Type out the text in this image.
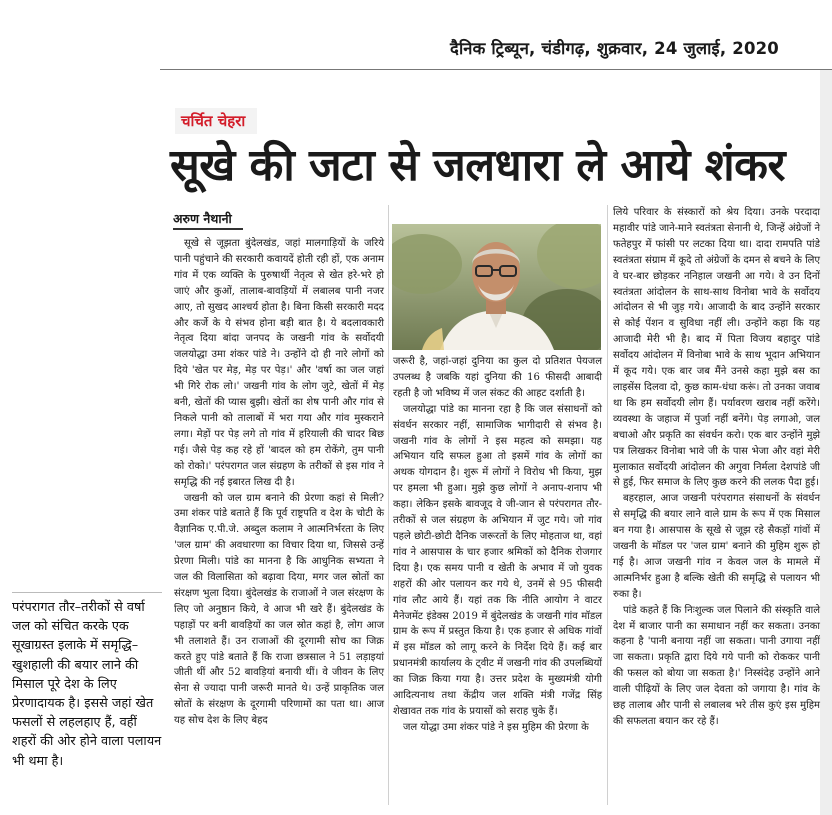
दैनिक ट्रिब्यून, चंडीगढ़, शुक्रवार, 24 जुलाई, 2020
चर्चित चेहरा
सूखे की जटा से जलधारा ले आये शंकर
अरुण नैथानी

सूखे से जूझता बुंदेलखंड, जहां मालगाड़ियों के जरिये पानी पहुंचाने की सरकारी कवायदें होती रही हों, एक अनाम गांव में एक व्यक्ति के पुरुषार्थी नेतृत्व से खेत हरे-भरे हो जाएं और कुओं, तालाब-बावड़ियों में लबालब पानी नजर आए, तो सुखद आश्चर्य होता है। बिना किसी सरकारी मदद और कर्जे के ये संभव होना बड़ी बात है। ये बदलावकारी नेतृत्व दिया बांदा जनपद के जखनी गांव के सर्वोदयी जलयोद्धा उमा शंकर पांडे ने। उन्होंने दो ही नारे लोगों को दिये 'खेत पर मेड़, मेड़ पर पेड़।' और 'वर्षा का जल जहां भी गिरे रोक लो।' जखनी गांव के लोग जुटे, खेतों में मेड़ बनी, खेतों की प्यास बुझी। खेतों का शेष पानी और गांव से निकले पानी को तालाबों में भरा गया और गांव मुस्कराने लगा। मेड़ों पर पेड़ लगे तो गांव में हरियाली की चादर बिछ गई। जैसे पेड़ कह रहे हों 'बादल को हम रोकेंगे, तुम पानी को रोको।' परंपरागत जल संग्रहण के तरीकों से इस गांव ने समृद्धि की नई इबारत लिख दी है।

जखनी को जल ग्राम बनाने की प्रेरणा कहां से मिली? उमा शंकर पांडे बताते हैं कि पूर्व राष्ट्रपति व देश के चोटी के वैज्ञानिक ए.पी.जे. अब्दुल कलाम ने आत्मनिर्भरता के लिए 'जल ग्राम' की अवधारणा का विचार दिया था, जिससे उन्हें प्रेरणा मिली। पांडे का मानना है कि आधुनिक सभ्यता ने जल की विलासिता को बढ़ावा दिया, मगर जल स्रोतों का संरक्षण भुला दिया। बुंदेलखंड के राजाओं ने जल संरक्षण के लिए जो अनुष्ठान किये, वे आज भी खरे हैं। बुंदेलखंड के पहाड़ों पर बनी बावड़ियों का जल स्रोत कहां है, लोग आज भी तलाशते हैं। उन राजाओं की दूरगामी सोच का जिक्र करते हुए पांडे बताते हैं कि राजा छत्रसाल ने 51 लड़ाइयां जीती थीं और 52 बावड़ियां बनायी थीं। वे जीवन के लिए सेना से ज्यादा पानी जरूरी मानते थे। उन्हें प्राकृतिक जल स्रोतों के संरक्षण के दूरगामी परिणामों का पता था। आज यह सोच देश के लिए बेहद

जरूरी है, जहां-जहां दुनिया का कुल दो प्रतिशत पेयजल उपलब्ध है जबकि यहां दुनिया की 16 फीसदी आबादी रहती है जो भविष्य में जल संकट की आहट दर्शाती है।

जलयोद्धा पांडे का मानना रहा है कि जल संसाधनों को संवर्धन सरकार नहीं, सामाजिक भागीदारी से संभव है। जखनी गांव के लोगों ने इस महत्व को समझा। यह अभियान यदि सफल हुआ तो इसमें गांव के लोगों का अथक योगदान है। शुरू में लोगों ने विरोध भी किया, मुझ पर हमला भी हुआ। मुझे कुछ लोगों ने अनाप-शनाप भी कहा। लेकिन इसके बावजूद वे जी-जान से परंपरागत तौर-तरीकों से जल संग्रहण के अभियान में जुट गये। जो गांव पहले छोटी-छोटी दैनिक जरूरतों के लिए मोहताज था, वहां गांव ने आसपास के चार हजार श्रमिकों को दैनिक रोजगार दिया है। एक समय पानी व खेती के अभाव में जो युवक शहरों की ओर पलायन कर गये थे, उनमें से 95 फीसदी गांव लौट आये हैं। यहां तक कि नीति आयोग ने वाटर मैनेजमेंट इंडेक्स 2019 में बुंदेलखंड के जखनी गांव मॉडल ग्राम के रूप में प्रस्तुत किया है। एक हजार से अधिक गांवों में इस मॉडल को लागू करने के निर्देश दिये हैं। कई बार प्रधानमंत्री कार्यालय के ट्वीट में जखनी गांव की उपलब्धियों का जिक्र किया गया है। उत्तर प्रदेश के मुख्यमंत्री योगी आदित्यनाथ तथा केंद्रीय जल शक्ति मंत्री गजेंद्र सिंह शेखावत तक गांव के प्रयासों को सराह चुके हैं।

जल योद्धा उमा शंकर पांडे ने इस मुहिम की प्रेरणा के

लिये परिवार के संस्कारों को श्रेय दिया। उनके परदादा महावीर पांडे जाने-माने स्वतंत्रता सेनानी थे, जिन्हें अंग्रेजों ने फतेहपुर में फांसी पर लटका दिया था। दादा रामपति पांडे स्वतंत्रता संग्राम में कूदे तो अंग्रेजों के दमन से बचने के लिए वे घर-बार छोड़कर ननिहाल जखनी आ गये। वे उन दिनों स्वतंत्रता आंदोलन के साथ-साथ विनोबा भावे के सर्वोदय आंदोलन से भी जुड़ गये। आजादी के बाद उन्होंने सरकार से कोई पेंशन व सुविधा नहीं ली। उन्होंने कहा कि यह आजादी मेरी भी है। बाद में पिता विजय बहादुर पांडे सर्वोदय आंदोलन में विनोबा भावे के साथ भूदान अभियान में कूद गये। एक बार जब मैंने उनसे कहा मुझे बस का लाइसेंस दिलवा दो, कुछ काम-धंधा करूं। तो उनका जवाब था कि हम सर्वोदयी लोग हैं। पर्यावरण खराब नहीं करेंगे। व्यवस्था के जहाज में पुर्जा नहीं बनेंगे। पेड़ लगाओ, जल बचाओ और प्रकृति का संवर्धन करो। एक बार उन्होंने मुझे पत्र लिखकर विनोबा भावे जी के पास भेजा और वहां मेरी मुलाकात सर्वोदयी आंदोलन की अगुवा निर्मला देशपांडे जी से हुई, फिर समाज के लिए कुछ करने की ललक पैदा हुई।

बहरहाल, आज जखनी परंपरागत संसाधनों के संवर्धन से समृद्धि की बयार लाने वाले ग्राम के रूप में एक मिसाल बन गया है। आसपास के सूखे से जूझ रहे सैकड़ों गांवों में जखनी के मॉडल पर 'जल ग्राम' बनाने की मुहिम शुरू हो गई है। आज जखनी गांव न केवल जल के मामले में आत्मनिर्भर हुआ है बल्कि खेती की समृद्धि से पलायन भी रुका है।

पांडे कहते हैं कि निःशुल्क जल पिलाने की संस्कृति वाले देश में बाजार पानी का समाधान नहीं कर सकता। उनका कहना है 'पानी बनाया नहीं जा सकता। पानी उगाया नहीं जा सकता। प्रकृति द्वारा दिये गये पानी को रोककर पानी की फसल को बोया जा सकता है।' निस्संदेह उन्होंने आने वाली पीढ़ियों के लिए जल देवता को जगाया है। गांव के छह तालाब और पानी से लबालब भरे तीस कुएं इस मुहिम की सफलता बयान कर रहे हैं।

परंपरागत तौर–तरीकों से वर्षा जल को संचित करके एक सूखाग्रस्त इलाके में समृद्धि–खुशहाली की बयार लाने की मिसाल पूरे देश के लिए प्रेरणादायक है। इससे जहां खेत फसलों से लहलहाए हैं, वहीं शहरों की ओर होने वाला पलायन भी थमा है।
